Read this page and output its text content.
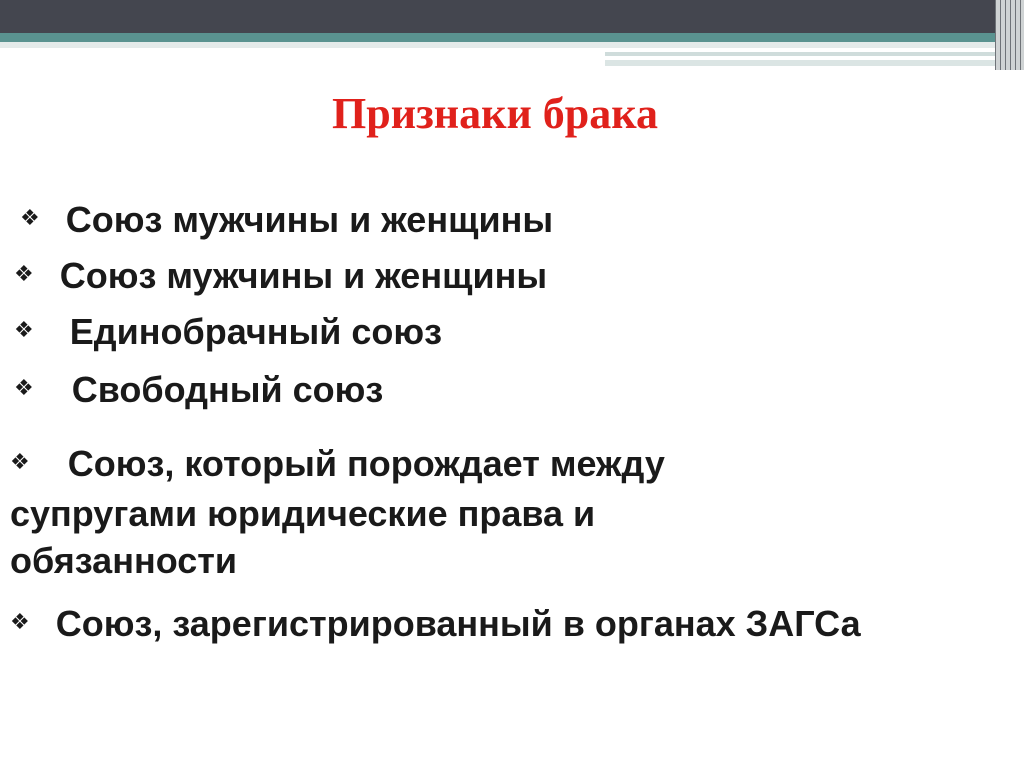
Признаки брака
❖ Союз мужчины и женщины
❖ Союз мужчины и женщины
❖ Единобрачный союз
❖ Свободный союз
❖ Союз, который порождает между супругами юридические права и обязанности
❖ Союз, зарегистрированный в органах ЗАГСа
